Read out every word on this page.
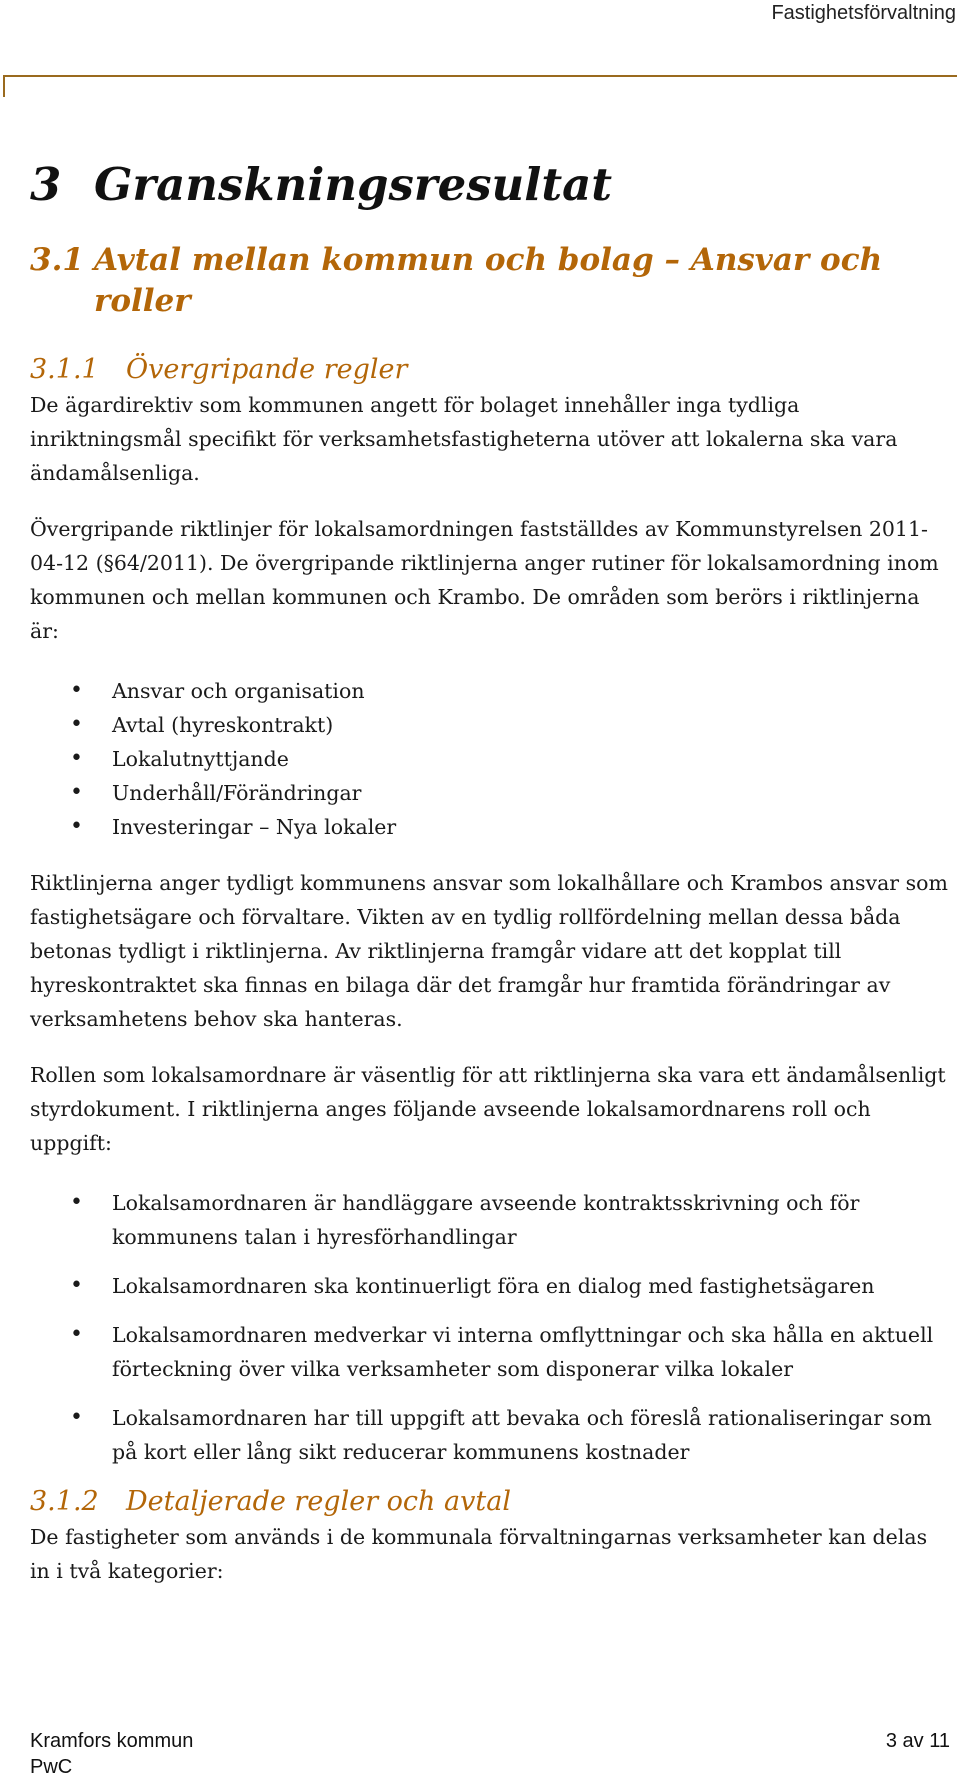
Fastighetsförvaltning
3 Granskningsresultat
3.1 Avtal mellan kommun och bolag – Ansvar och roller
3.1.1 Övergripande regler

De ägardirektiv som kommunen angett för bolaget innehåller inga tydliga inriktningsmål specifikt för verksamhetsfastigheterna utöver att lokalerna ska vara ändamålsenliga.

Övergripande riktlinjer för lokalsamordningen fastställdes av Kommunstyrelsen 2011-04-12 (§64/2011). De övergripande riktlinjerna anger rutiner för lokalsamordning inom kommunen och mellan kommunen och Krambo. De områden som berörs i riktlinjerna är:

• Ansvar och organisation
• Avtal (hyreskontrakt)
• Lokalutnyttjande
• Underhåll/Förändringar
• Investeringar – Nya lokaler

Riktlinjerna anger tydligt kommunens ansvar som lokalhållare och Krambos ansvar som fastighetsägare och förvaltare. Vikten av en tydlig rollfördelning mellan dessa båda betonas tydligt i riktlinjerna. Av riktlinjerna framgår vidare att det kopplat till hyreskontraktet ska finnas en bilaga där det framgår hur framtida förändringar av verksamhetens behov ska hanteras.

Rollen som lokalsamordnare är väsentlig för att riktlinjerna ska vara ett ändamålsenligt styrdokument. I riktlinjerna anges följande avseende lokalsamordnarens roll och uppgift:

• Lokalsamordnaren är handläggare avseende kontraktsskrivning och för kommunens talan i hyresförhandlingar
• Lokalsamordnaren ska kontinuerligt föra en dialog med fastighetsägaren
• Lokalsamordnaren medverkar vi interna omflyttningar och ska hålla en aktuell förteckning över vilka verksamheter som disponerar vilka lokaler
• Lokalsamordnaren har till uppgift att bevaka och föreslå rationaliseringar som på kort eller lång sikt reducerar kommunens kostnader
3.1.2 Detaljerade regler och avtal

De fastigheter som används i de kommunala förvaltningarnas verksamheter kan delas in i två kategorier:

Kramfors kommun
PwC
3 av 11
